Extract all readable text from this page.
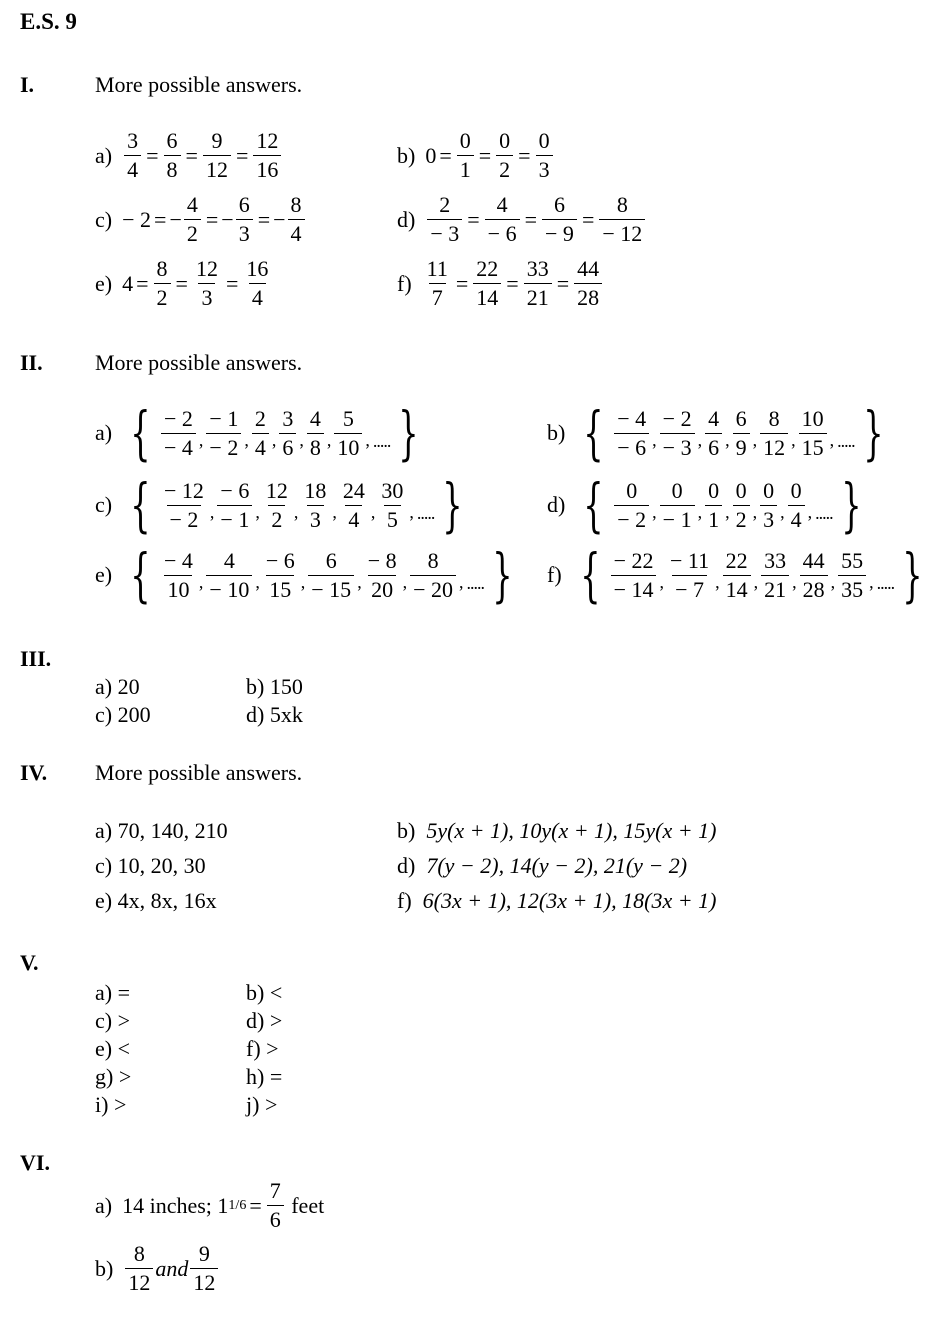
E.S. 9
I.	More possible answers.
$a) \frac{3}{4} = \frac{6}{8} = \frac{9}{12} = \frac{12}{16}$	b) $0 = \frac{0}{1} = \frac{0}{2} = \frac{0}{3}$
c) − 2 = − $\frac{4}{2}$ = − $\frac{6}{3}$ = − $\frac{8}{4}$	$d) \frac{2}{- 3} = \frac{4}{- 6} = \frac{6}{- 9} = \frac{8}{- 12}$
e) $4 = \frac{8}{2} = \frac{12}{3} = \frac{16}{4}$	$f) \frac{11}{7} = \frac{22}{14} = \frac{33}{21} = \frac{44}{28}$
II. More possible answers.
a) { $\frac{- 2}{- 4}$ , $\frac{- 1}{- 2}$ , $\frac{2}{4}$ , $\frac{3}{6}$ , $\frac{4}{8}$ , $\frac{5}{10}$ , ..... }	b) { $\frac{- 4}{- 6}$ , $\frac{- 2}{- 3}$ , $\frac{4}{6}$ , $\frac{6}{9}$ , $\frac{8}{12}$ , $\frac{10}{15}$ , ..... }
c) { $\frac{- 12}{- 2}$ , $\frac{- 6}{- 1}$ , $\frac{12}{2}$ , $\frac{18}{3}$ , $\frac{24}{4}$ , $\frac{30}{5}$ , ..... }	d) { $\frac{0}{- 2}$ , $\frac{0}{- 1}$ , $\frac{0}{1}$ , $\frac{0}{2}$ , $\frac{0}{3}$ , $\frac{0}{4}$ , ..... }
e) { $\frac{- 4}{10}$ , $\frac{4}{- 10}$ , $\frac{- 6}{15}$ , $\frac{6}{- 15}$ , $\frac{- 8}{20}$ , $\frac{8}{- 20}$ , ..... } f) { $\frac{- 22}{- 14}$ , $\frac{- 11}{- 7}$ , $\frac{22}{14}$ , $\frac{33}{21}$ , $\frac{44}{28}$ , $\frac{55}{35}$ , ..... }
III.
a) 20	b) 150
c) 200	d) 5xk
IV. More possible answers.
a) 70, 140, 210	b) 5y(x + 1), 10y(x + 1), 15y(x + 1)
c) 10, 20, 30	d) 7(y − 2), 14(y − 2), 21(y − 2)
e) 4x, 8x, 16x	f) 6(3x + 1), 12(3x + 1), 18(3x + 1)
V.
a) =	b) <
c) >	d) >
e) <	f) >
g) >	h) =
i) >	j) >
VI.
a) 14 inches;
1 $1 / 6 = \frac{7}{6}$
feet
$b) \frac{8}{12}$ and $\frac{9}{12}$
